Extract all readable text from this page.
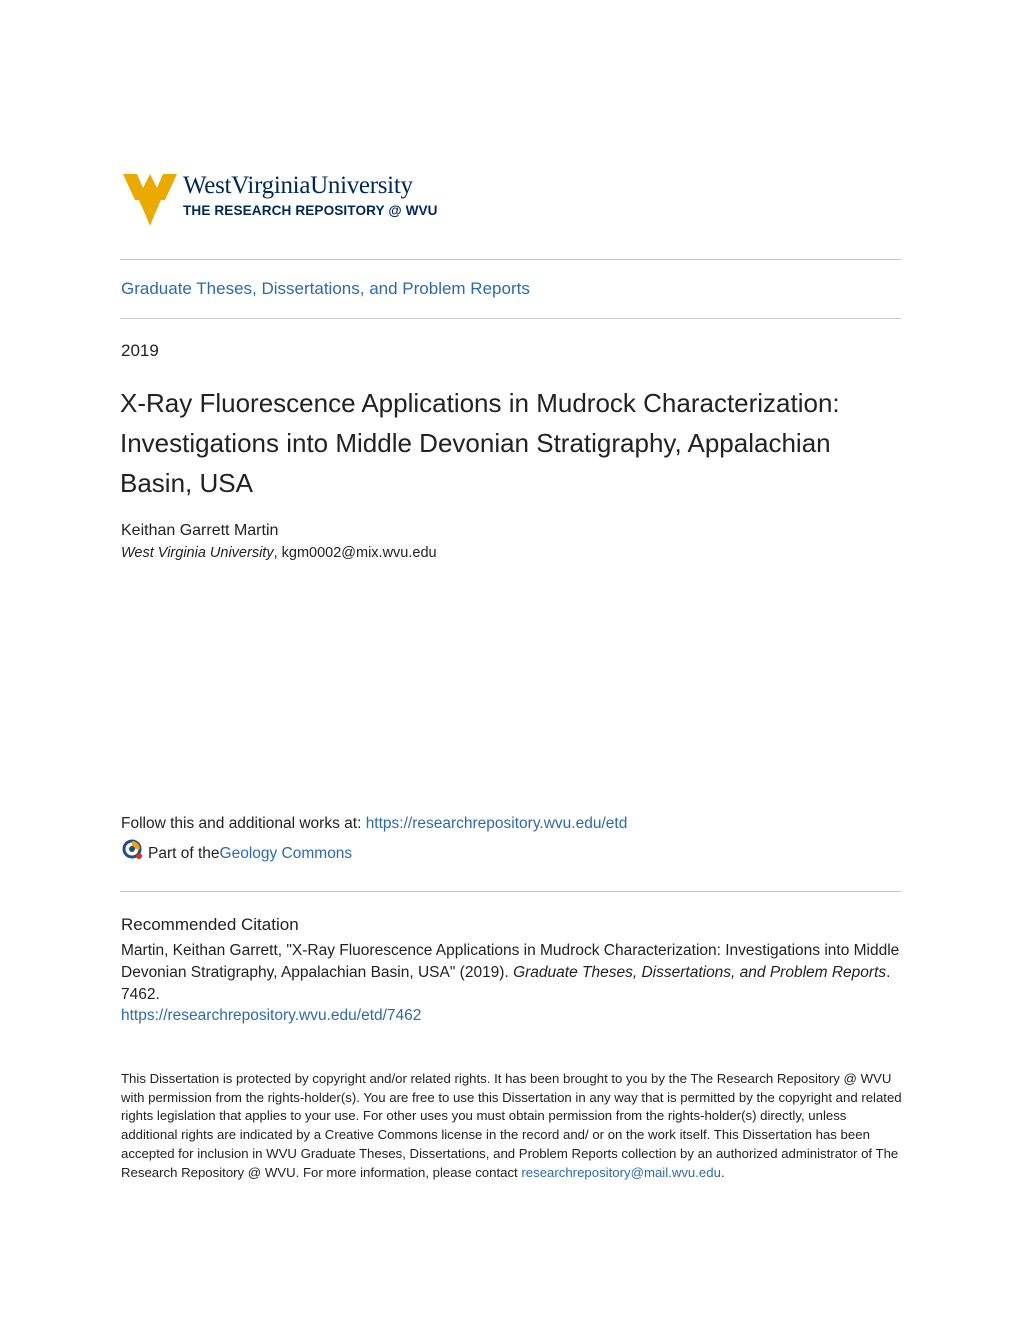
WestVirginiaUniversity
THE RESEARCH REPOSITORY @ WVU
Graduate Theses, Dissertations, and Problem Reports
2019
X-Ray Fluorescence Applications in Mudrock Characterization: Investigations into Middle Devonian Stratigraphy, Appalachian Basin, USA
Keithan Garrett Martin
West Virginia University, kgm0002@mix.wvu.edu
Follow this and additional works at: https://researchrepository.wvu.edu/etd
Part of the Geology Commons
Recommended Citation
Martin, Keithan Garrett, "X-Ray Fluorescence Applications in Mudrock Characterization: Investigations into Middle Devonian Stratigraphy, Appalachian Basin, USA" (2019). Graduate Theses, Dissertations, and Problem Reports. 7462.
https://researchrepository.wvu.edu/etd/7462
This Dissertation is protected by copyright and/or related rights. It has been brought to you by the The Research Repository @ WVU with permission from the rights-holder(s). You are free to use this Dissertation in any way that is permitted by the copyright and related rights legislation that applies to your use. For other uses you must obtain permission from the rights-holder(s) directly, unless additional rights are indicated by a Creative Commons license in the record and/ or on the work itself. This Dissertation has been accepted for inclusion in WVU Graduate Theses, Dissertations, and Problem Reports collection by an authorized administrator of The Research Repository @ WVU. For more information, please contact researchrepository@mail.wvu.edu.
